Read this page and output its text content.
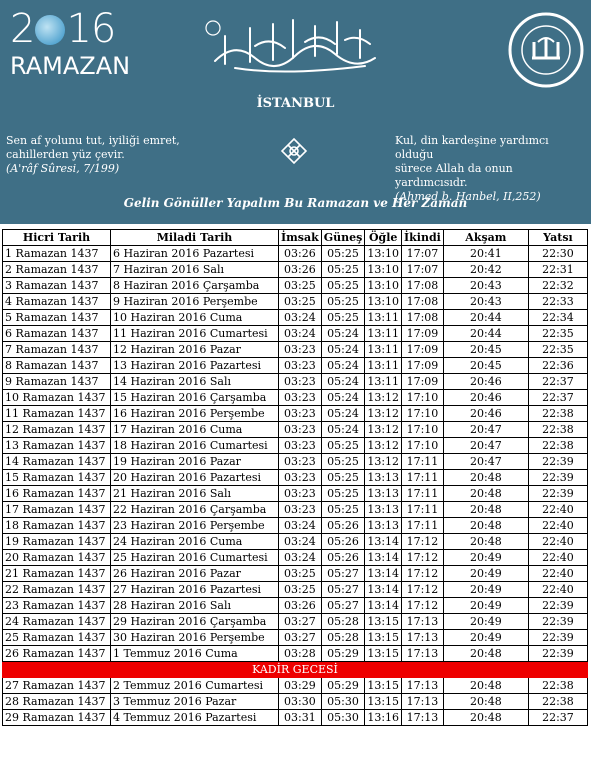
2 16
RAMAZAN
İSTANBUL
Sen af yolunu tut, iyiliği emret,
cahillerden yüz çevir.
(A'râf Sûresi, 7/199)
Kul, din kardeşine yardımcı olduğu
sürece Allah da onun yardımcısıdr.
(Ahmed b. Hanbel, II,252)
Gelin Gönüller Yapalım Bu Ramazan ve Her Zaman
Hicri Tarih	Miladi Tarih	İmsak	Güneş	Öğle	İkindi	Akşam	Yatsı
1 Ramazan 1437	6 Haziran 2016 Pazartesi	03:26	05:25	13:10	17:07	20:41	22:30
2 Ramazan 1437	7 Haziran 2016 Salı	03:26	05:25	13:10	17:07	20:42	22:31
3 Ramazan 1437	8 Haziran 2016 Çarşamba	03:25	05:25	13:10	17:08	20:43	22:32
4 Ramazan 1437	9 Haziran 2016 Perşembe	03:25	05:25	13:10	17:08	20:43	22:33
5 Ramazan 1437	10 Haziran 2016 Cuma	03:24	05:25	13:11	17:08	20:44	22:34
6 Ramazan 1437	11 Haziran 2016 Cumartesi	03:24	05:24	13:11	17:09	20:44	22:35
7 Ramazan 1437	12 Haziran 2016 Pazar	03:23	05:24	13:11	17:09	20:45	22:35
8 Ramazan 1437	13 Haziran 2016 Pazartesi	03:23	05:24	13:11	17:09	20:45	22:36
9 Ramazan 1437	14 Haziran 2016 Salı	03:23	05:24	13:11	17:09	20:46	22:37
10 Ramazan 1437	15 Haziran 2016 Çarşamba	03:23	05:24	13:12	17:10	20:46	22:37
11 Ramazan 1437	16 Haziran 2016 Perşembe	03:23	05:24	13:12	17:10	20:46	22:38
12 Ramazan 1437	17 Haziran 2016 Cuma	03:23	05:24	13:12	17:10	20:47	22:38
13 Ramazan 1437	18 Haziran 2016 Cumartesi	03:23	05:25	13:12	17:10	20:47	22:38
14 Ramazan 1437	19 Haziran 2016 Pazar	03:23	05:25	13:12	17:11	20:47	22:39
15 Ramazan 1437	20 Haziran 2016 Pazartesi	03:23	05:25	13:13	17:11	20:48	22:39
16 Ramazan 1437	21 Haziran 2016 Salı	03:23	05:25	13:13	17:11	20:48	22:39
17 Ramazan 1437	22 Haziran 2016 Çarşamba	03:23	05:25	13:13	17:11	20:48	22:40
18 Ramazan 1437	23 Haziran 2016 Perşembe	03:24	05:26	13:13	17:11	20:48	22:40
19 Ramazan 1437	24 Haziran 2016 Cuma	03:24	05:26	13:14	17:12	20:48	22:40
20 Ramazan 1437	25 Haziran 2016 Cumartesi	03:24	05:26	13:14	17:12	20:49	22:40
21 Ramazan 1437	26 Haziran 2016 Pazar	03:25	05:27	13:14	17:12	20:49	22:40
22 Ramazan 1437	27 Haziran 2016 Pazartesi	03:25	05:27	13:14	17:12	20:49	22:40
23 Ramazan 1437	28 Haziran 2016 Salı	03:26	05:27	13:14	17:12	20:49	22:39
24 Ramazan 1437	29 Haziran 2016 Çarşamba	03:27	05:28	13:15	17:13	20:49	22:39
25 Ramazan 1437	30 Haziran 2016 Perşembe	03:27	05:28	13:15	17:13	20:49	22:39
26 Ramazan 1437	1 Temmuz 2016 Cuma	03:28	05:29	13:15	17:13	20:48	22:39
KADİR GECESİ							
27 Ramazan 1437	2 Temmuz 2016 Cumartesi	03:29	05:29	13:15	17:13	20:48	22:38
28 Ramazan 1437	3 Temmuz 2016 Pazar	03:30	05:30	13:15	17:13	20:48	22:38
29 Ramazan 1437	4 Temmuz 2016 Pazartesi	03:31	05:30	13:16	17:13	20:48	22:37
